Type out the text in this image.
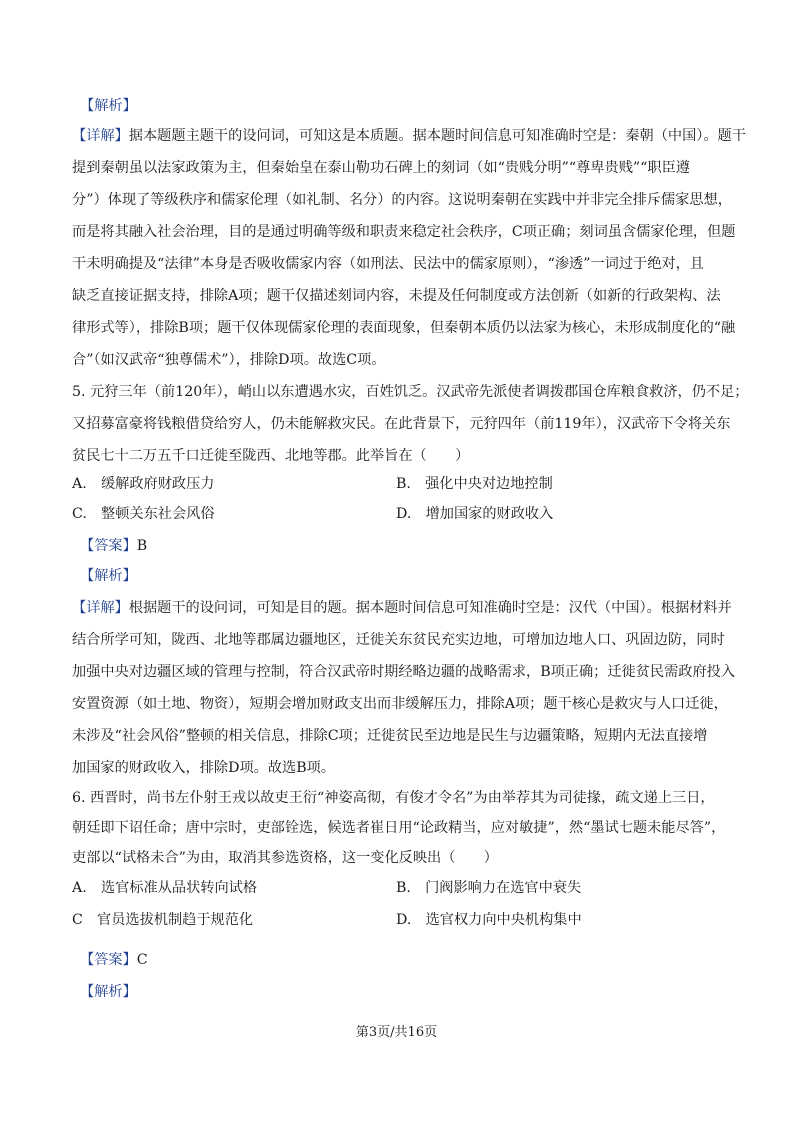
【解析】
【详解】据本题题主题干的设问词，可知这是本质题。据本题时间信息可知准确时空是：秦朝（中国）。题干
提到秦朝虽以法家政策为主，但秦始皇在泰山勒功石碑上的刻词（如“贵贱分明”“尊卑贵贱”“职臣遵
分”）体现了等级秩序和儒家伦理（如礼制、名分）的内容。这说明秦朝在实践中并非完全排斥儒家思想，
而是将其融入社会治理，目的是通过明确等级和职责来稳定社会秩序，C项正确；刻词虽含儒家伦理，但题
干未明确提及“法律”本身是否吸收儒家内容（如刑法、民法中的儒家原则），“渗透”一词过于绝对，且
缺乏直接证据支持，排除A项；题干仅描述刻词内容，未提及任何制度或方法创新（如新的行政架构、法
律形式等），排除B项；题干仅体现儒家伦理的表面现象，但秦朝本质仍以法家为核心，未形成制度化的“融
合”（如汉武帝“独尊儒术”），排除D项。故选C项。
5. 元狩三年（前120年），峭山以东遭遇水灾，百姓饥乏。汉武帝先派使者调拨郡国仓库粮食救济，仍不足；
又招募富豪将钱粮借贷给穷人，仍未能解救灾民。在此背景下，元狩四年（前119年），汉武帝下令将关东
贫民七十二万五千口迁徙至陇西、北地等郡。此举旨在（　　）
A.　缓解政府财政压力	B.　强化中央对边地控制
C.　整顿关东社会风俗	D.　增加国家的财政收入
【答案】B
【解析】
【详解】根据题干的设问词，可知是目的题。据本题时间信息可知准确时空是：汉代（中国）。根据材料并
结合所学可知，陇西、北地等郡属边疆地区，迁徙关东贫民充实边地，可增加边地人口、巩固边防，同时
加强中央对边疆区域的管理与控制，符合汉武帝时期经略边疆的战略需求，B项正确；迁徙贫民需政府投入
安置资源（如土地、物资），短期会增加财政支出而非缓解压力，排除A项；题干核心是救灾与人口迁徙，
未涉及“社会风俗”整顿的相关信息，排除C项；迁徙贫民至边地是民生与边疆策略，短期内无法直接增
加国家的财政收入，排除D项。故选B项。
6. 西晋时，尚书左仆射王戎以故吏王衍“神姿高彻，有俊才令名”为由举荐其为司徒掾，疏文递上三日，
朝廷即下诏任命；唐中宗时，吏部铨选，候选者崔日用“论政精当，应对敏捷”，然“墨试七题未能尽答”，
吏部以“试格未合”为由，取消其参选资格，这一变化反映出（　　）
A.　选官标准从品状转向试格	B.　门阀影响力在选官中衰失
C　官员选拔机制趋于规范化	D.　选官权力向中央机构集中
【答案】C
【解析】
第3页/共16页
